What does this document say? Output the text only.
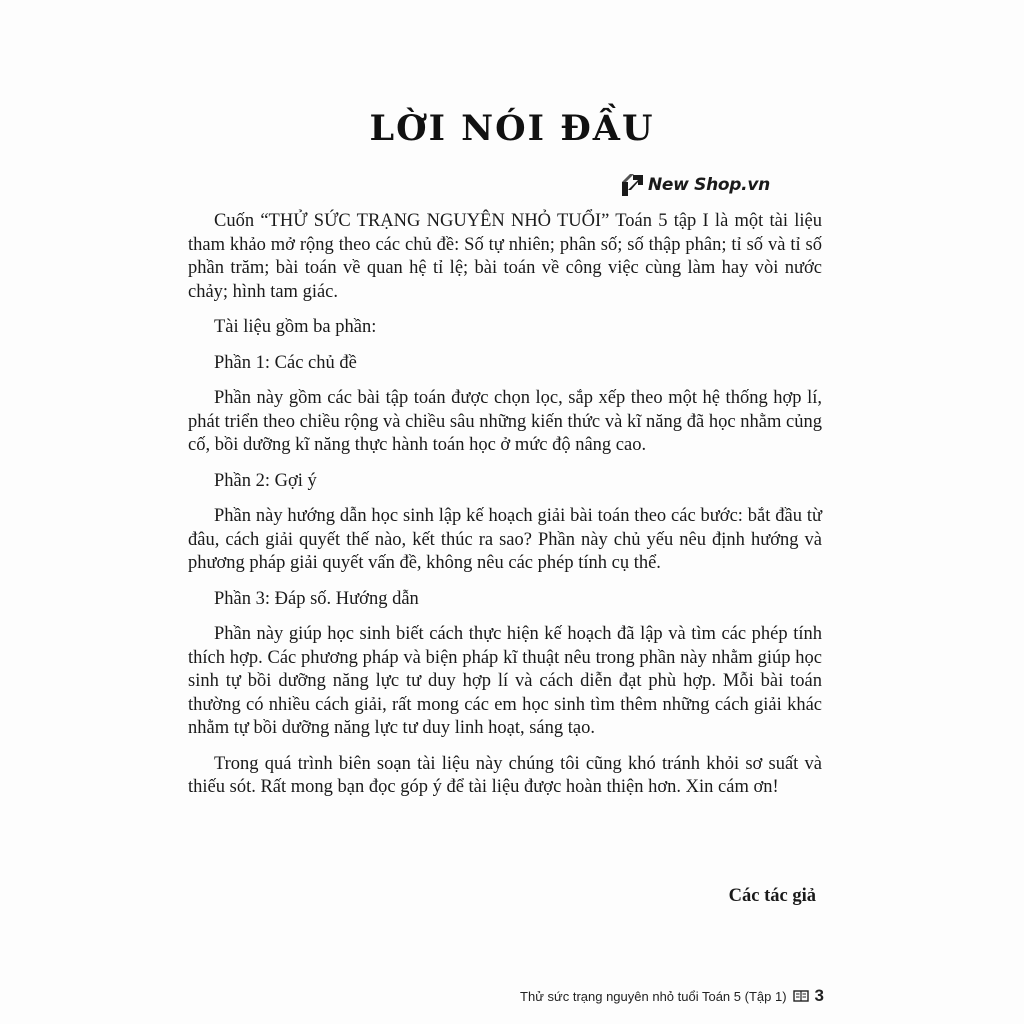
LỜI NÓI ĐẦU
New Shop.vn

Cuốn “THỬ SỨC TRẠNG NGUYÊN NHỎ TUỔI” Toán 5 tập I là một tài liệu tham khảo mở rộng theo các chủ đề: Số tự nhiên; phân số; số thập phân; tỉ số và tỉ số phần trăm; bài toán về quan hệ tỉ lệ; bài toán về công việc cùng làm hay vòi nước chảy; hình tam giác.

Tài liệu gồm ba phần:

Phần 1: Các chủ đề

Phần này gồm các bài tập toán được chọn lọc, sắp xếp theo một hệ thống hợp lí, phát triển theo chiều rộng và chiều sâu những kiến thức và kĩ năng đã học nhằm củng cố, bồi dưỡng kĩ năng thực hành toán học ở mức độ nâng cao.

Phần 2: Gợi ý

Phần này hướng dẫn học sinh lập kế hoạch giải bài toán theo các bước: bắt đầu từ đâu, cách giải quyết thế nào, kết thúc ra sao? Phần này chủ yếu nêu định hướng và phương pháp giải quyết vấn đề, không nêu các phép tính cụ thể.

Phần 3: Đáp số. Hướng dẫn

Phần này giúp học sinh biết cách thực hiện kế hoạch đã lập và tìm các phép tính thích hợp. Các phương pháp và biện pháp kĩ thuật nêu trong phần này nhằm giúp học sinh tự bồi dưỡng năng lực tư duy hợp lí và cách diễn đạt phù hợp. Mỗi bài toán thường có nhiều cách giải, rất mong các em học sinh tìm thêm những cách giải khác nhằm tự bồi dưỡng năng lực tư duy linh hoạt, sáng tạo.

Trong quá trình biên soạn tài liệu này chúng tôi cũng khó tránh khỏi sơ suất và thiếu sót. Rất mong bạn đọc góp ý để tài liệu được hoàn thiện hơn. Xin cám ơn!

Các tác giả
Thử sức trạng nguyên nhỏ tuổi Toán 5 (Tập 1) 3
